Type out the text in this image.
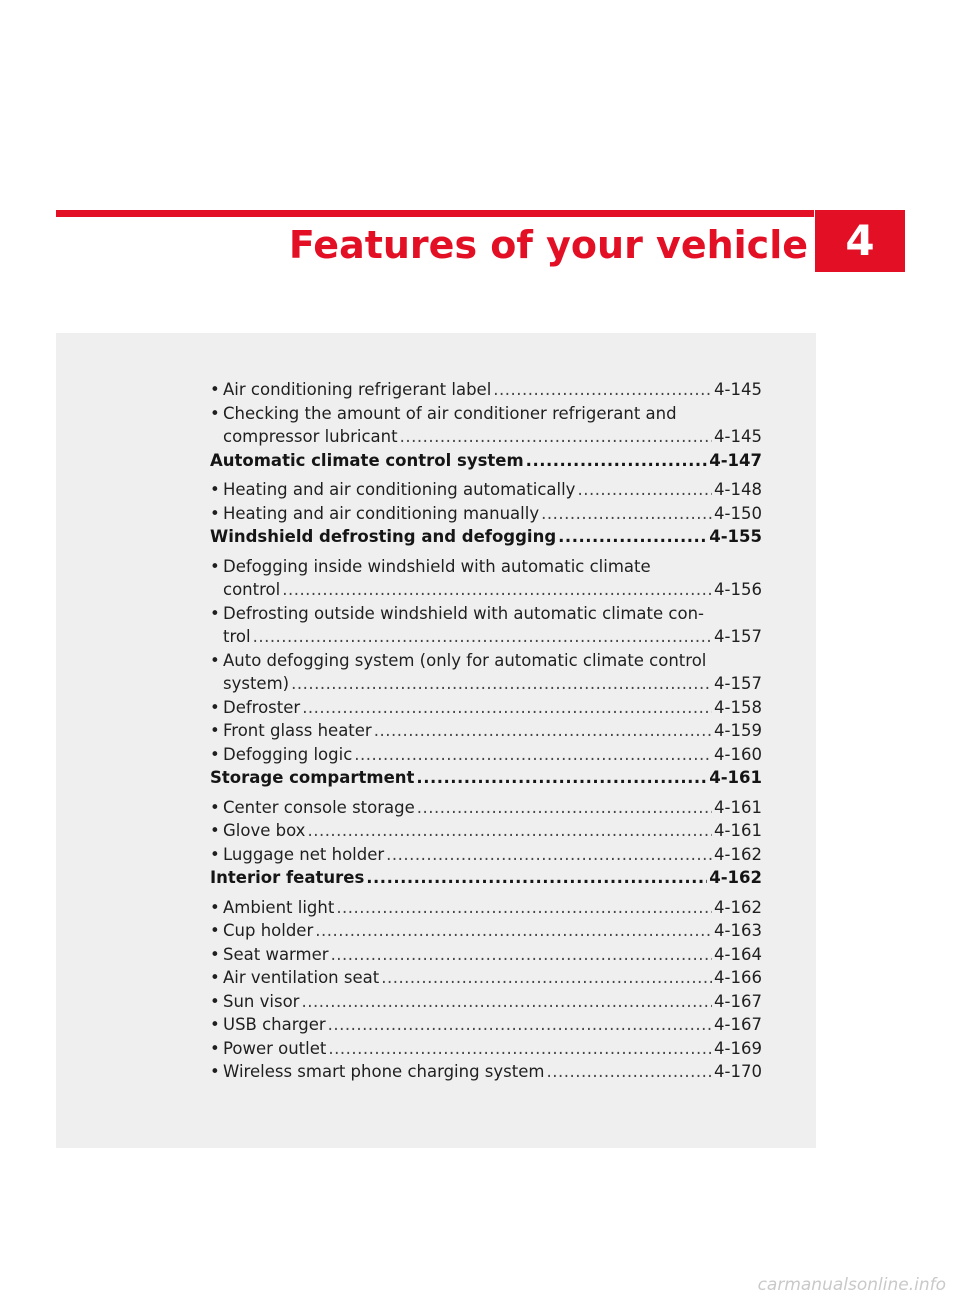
Features of your vehicle 4
• Air conditioning refrigerant label .....	4-145
• Checking the amount of air conditioner refrigerant and
compressor lubricant .....	4-145
Automatic climate control system .....	4-147
• Heating and air conditioning automatically .....	4-148
• Heating and air conditioning manually .....	4-150
Windshield defrosting and defogging .....	4-155
• Defogging inside windshield with automatic climate
control .....	4-156
• Defrosting outside windshield with automatic climate con-
trol .....	4-157
• Auto defogging system (only for automatic climate control
system) .....	4-157
• Defroster .....	4-158
• Front glass heater .....	4-159
• Defogging logic .....	4-160
Storage compartment .....	4-161
• Center console storage .....	4-161
• Glove box .....	4-161
• Luggage net holder .....	4-162
Interior features .....	4-162
• Ambient light .....	4-162
• Cup holder .....	4-163
• Seat warmer .....	4-164
• Air ventilation seat .....	4-166
• Sun visor .....	4-167
• USB charger .....	4-167
• Power outlet .....	4-169
• Wireless smart phone charging system .....	4-170
carmanualsonline.info
